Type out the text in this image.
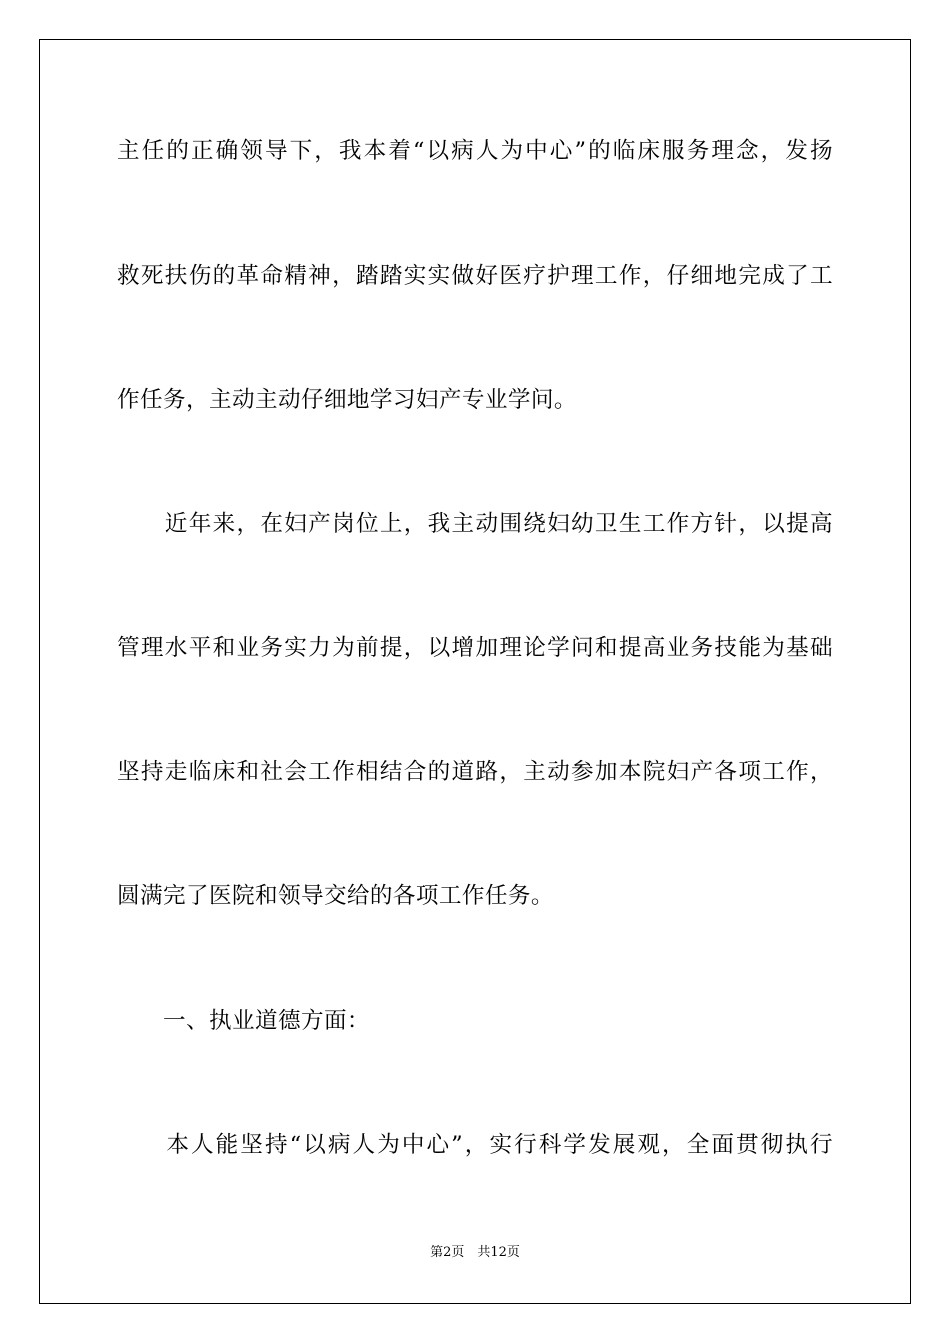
主任的正确领导下，我本着“以病人为中心”的临床服务理念，发扬
救死扶伤的革命精神，踏踏实实做好医疗护理工作，仔细地完成了工
作任务，主动主动仔细地学习妇产专业学问。
　　近年来，在妇产岗位上，我主动围绕妇幼卫生工作方针，以提高
管理水平和业务实力为前提，以增加理论学问和提高业务技能为基础
坚持走临床和社会工作相结合的道路，主动参加本院妇产各项工作，
圆满完了医院和领导交给的各项工作任务。
　　一、执业道德方面：
　　本人能坚持“以病人为中心”，实行科学发展观，全面贯彻执行
第2页　共12页
